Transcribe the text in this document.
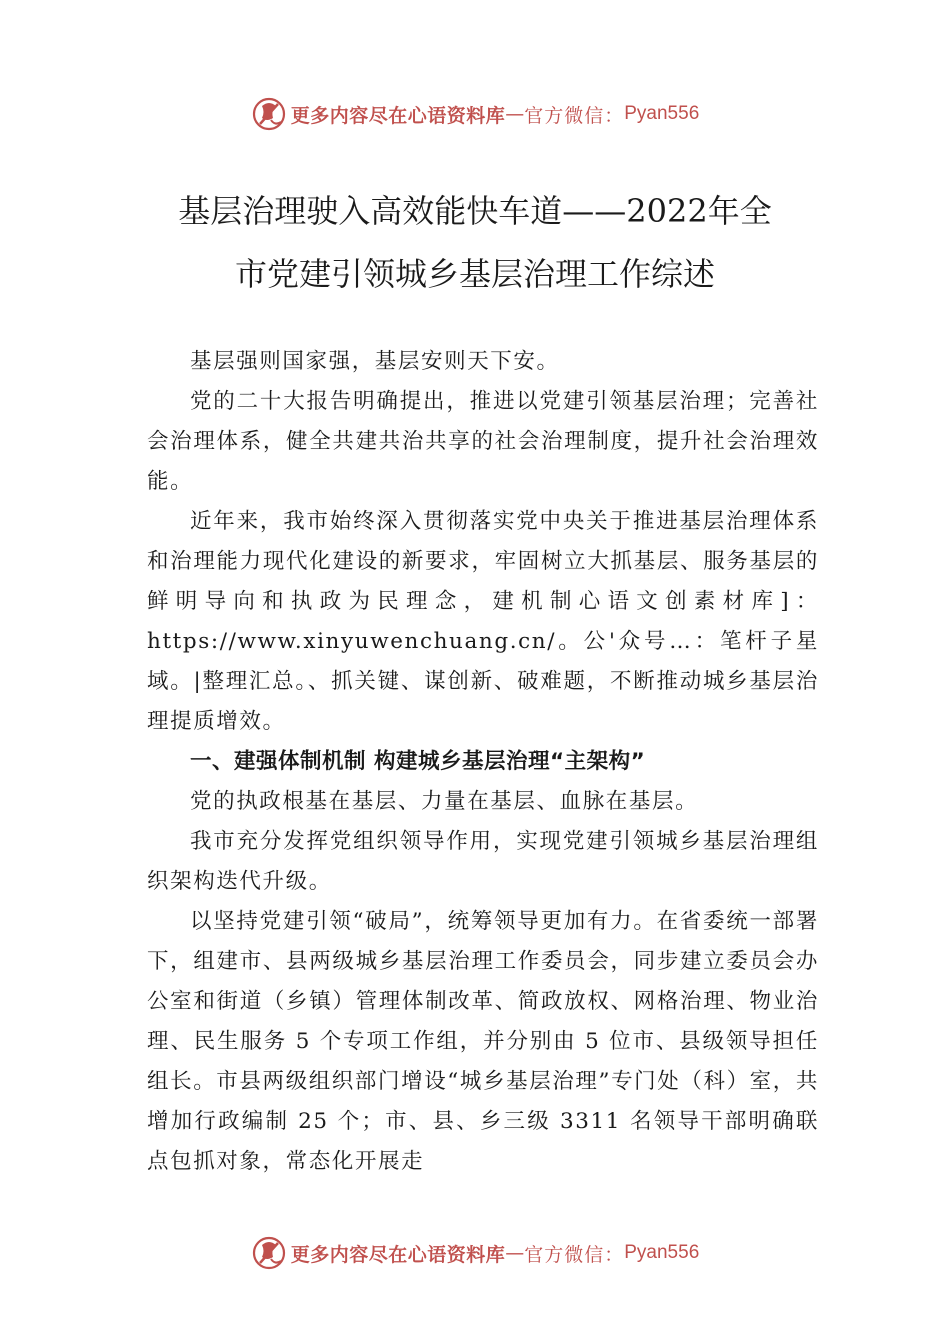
更多内容尽在心语资料库 — 官方微信： Pyan556
基层治理驶入高效能快车道——2022年全
市党建引领城乡基层治理工作综述

基层强则国家强，基层安则天下安。

党的二十大报告明确提出，推进以党建引领基层治理；完善社会治理体系，健全共建共治共享的社会治理制度，提升社会治理效能。

近年来，我市始终深入贯彻落实党中央关于推进基层治理体系和治理能力现代化建设的新要求，牢固树立大抓基层、服务基层的鲜明导向和执政为民理念，建机制心语文创素材库]：https://www.xinyuwenchuang.cn/。公'众号…：笔杆子星域。|整理汇总。、抓关键、谋创新、破难题，不断推动城乡基层治理提质增效。

一、建强体制机制 构建城乡基层治理“主架构”

党的执政根基在基层、力量在基层、血脉在基层。

我市充分发挥党组织领导作用，实现党建引领城乡基层治理组织架构迭代升级。

以坚持党建引领“破局”，统筹领导更加有力。在省委统一部署下，组建市、县两级城乡基层治理工作委员会，同步建立委员会办公室和街道（乡镇）管理体制改革、简政放权、网格治理、物业治理、民生服务 5 个专项工作组，并分别由 5 位市、县级领导担任组长。市县两级组织部门增设“城乡基层治理”专门处（科）室，共增加行政编制 25 个；市、县、乡三级 3311 名领导干部明确联点包抓对象，常态化开展走

更多内容尽在心语资料库 — 官方微信： Pyan556
